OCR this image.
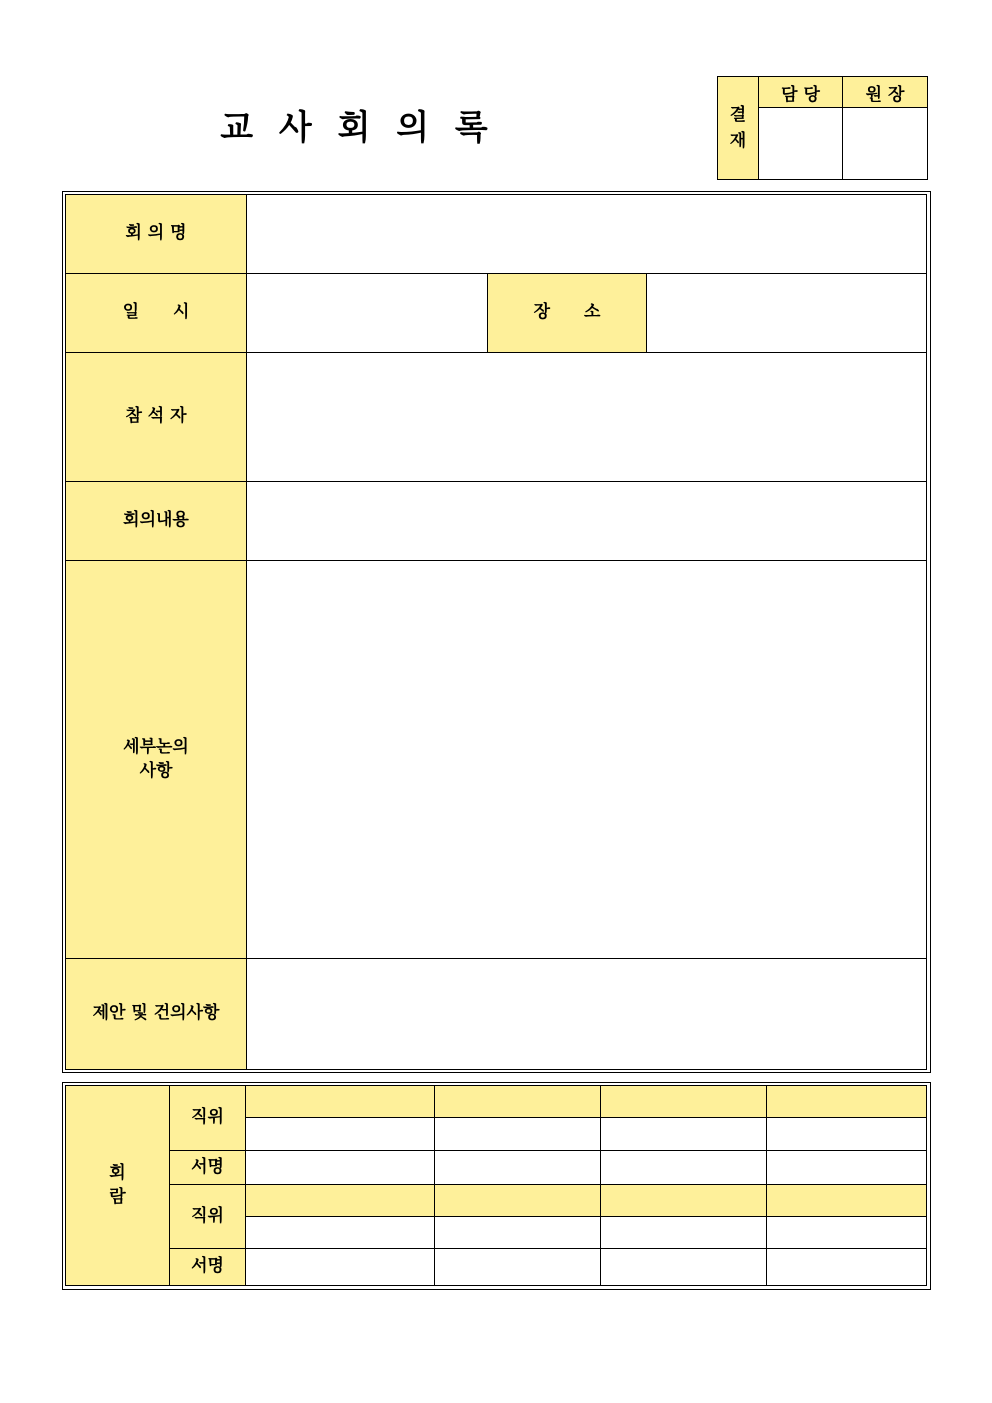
교 사 회 의 록	결
재	담 당	원 장

회 의 명			
일　　시		장　　소	
참 석 자			
회의내용			

세부논의
사항			

제안 및 건의사항			
회
람	직위				

	서명				
	직위				

	서명				
